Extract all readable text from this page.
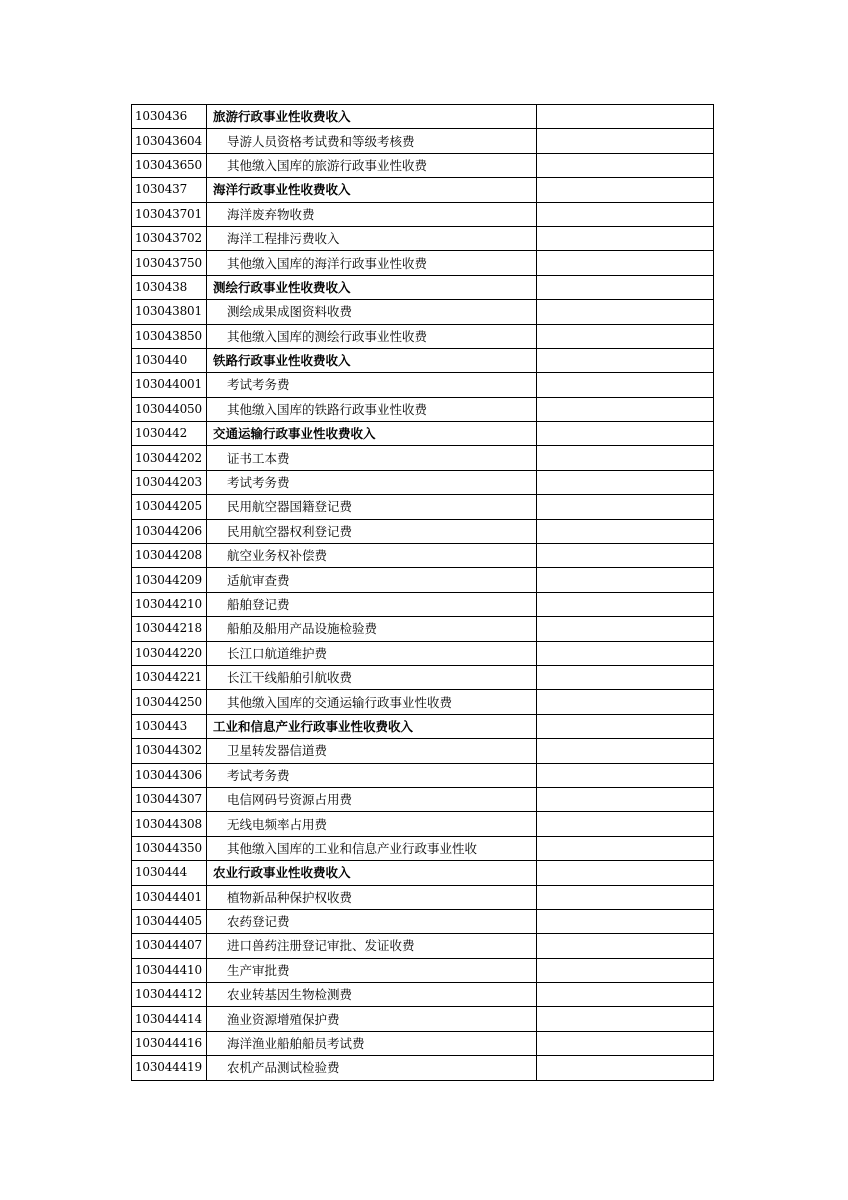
1030436	旅游行政事业性收费收入	
103043604	导游人员资格考试费和等级考核费	
103043650	其他缴入国库的旅游行政事业性收费	
1030437	海洋行政事业性收费收入	
103043701	海洋废弃物收费	
103043702	海洋工程排污费收入	
103043750	其他缴入国库的海洋行政事业性收费	
1030438	测绘行政事业性收费收入	
103043801	测绘成果成图资料收费	
103043850	其他缴入国库的测绘行政事业性收费	
1030440	铁路行政事业性收费收入	
103044001	考试考务费	
103044050	其他缴入国库的铁路行政事业性收费	
1030442	交通运输行政事业性收费收入	
103044202	证书工本费	
103044203	考试考务费	
103044205	民用航空器国籍登记费	
103044206	民用航空器权利登记费	
103044208	航空业务权补偿费	
103044209	适航审查费	
103044210	船舶登记费	
103044218	船舶及船用产品设施检验费	
103044220	长江口航道维护费	
103044221	长江干线船舶引航收费	
103044250	其他缴入国库的交通运输行政事业性收费	
1030443	工业和信息产业行政事业性收费收入	
103044302	卫星转发器信道费	
103044306	考试考务费	
103044307	电信网码号资源占用费	
103044308	无线电频率占用费	
103044350	其他缴入国库的工业和信息产业行政事业性收	
1030444	农业行政事业性收费收入	
103044401	植物新品种保护权收费	
103044405	农药登记费	
103044407	进口兽药注册登记审批、发证收费	
103044410	生产审批费	
103044412	农业转基因生物检测费	
103044414	渔业资源增殖保护费	
103044416	海洋渔业船舶船员考试费	
103044419	农机产品测试检验费	
